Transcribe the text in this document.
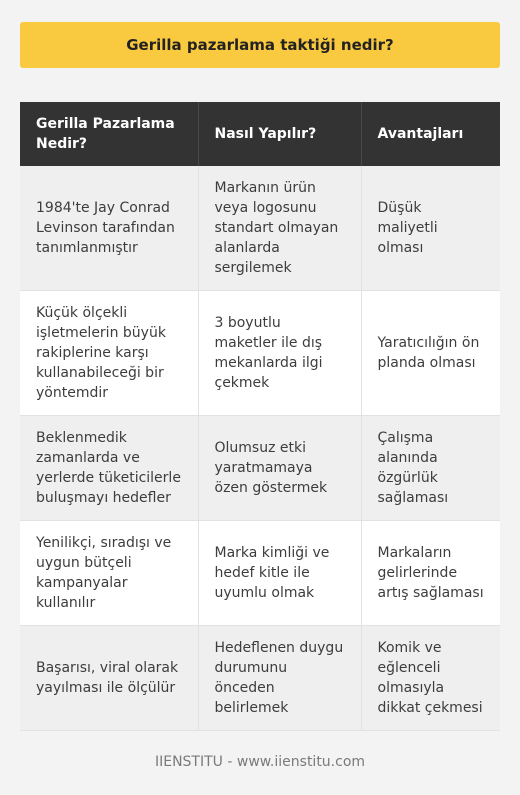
Gerilla pazarlama taktiği nedir?
Gerilla Pazarlama Nedir?	Nasıl Yapılır?	Avantajları
1984'te Jay Conrad Levinson tarafından tanımlanmıştır	Markanın ürün veya logosunu standart olmayan alanlarda sergilemek	Düşük maliyetli olması
Küçük ölçekli işletmelerin büyük rakiplerine karşı kullanabileceği bir yöntemdir	3 boyutlu maketler ile dış mekanlarda ilgi çekmek	Yaratıcılığın ön planda olması
Beklenmedik zamanlarda ve yerlerde tüketicilerle buluşmayı hedefler	Olumsuz etki yaratmamaya özen göstermek	Çalışma alanında özgürlük sağlaması
Yenilikçi, sıradışı ve uygun bütçeli kampanyalar kullanılır	Marka kimliği ve hedef kitle ile uyumlu olmak	Markaların gelirlerinde artış sağlaması
Başarısı, viral olarak yayılması ile ölçülür	Hedeflenen duygu durumunu önceden belirlemek	Komik ve eğlenceli olmasıyla dikkat çekmesi
IIENSTITU - www.iienstitu.com
